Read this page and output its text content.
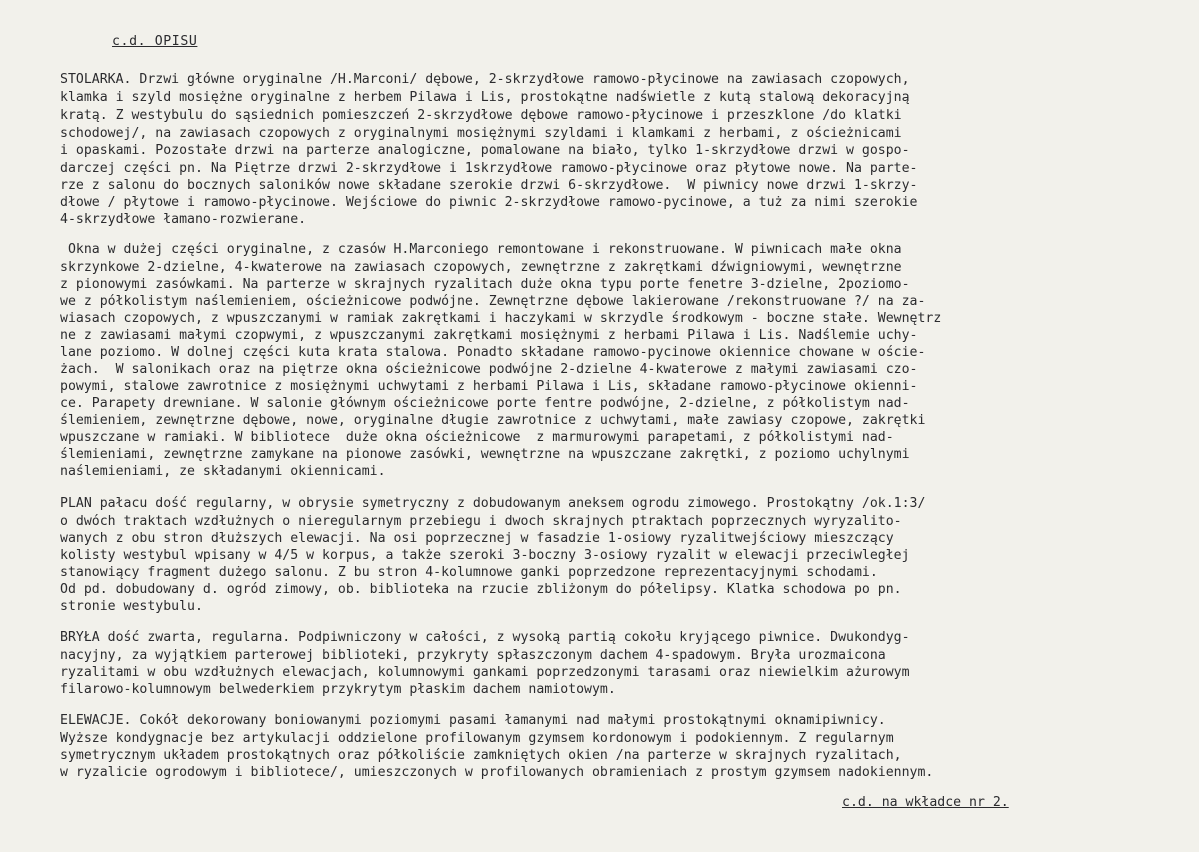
c.d. OPISU
STOLARKA. Drzwi główne oryginalne /H.Marconi/ dębowe, 2-skrzydłowe ramowo-płycinowe na zawiasach czopowych,
klamka i szyld mosiężne oryginalne z herbem Pilawa i Lis, prostokątne nadświetle z kutą stalową dekoracyjną
kratą. Z westybulu do sąsiednich pomieszczeń 2-skrzydłowe dębowe ramowo-płycinowe i przeszklone /do klatki
schodowej/, na zawiasach czopowych z oryginalnymi mosiężnymi szyldami i klamkami z herbami, z ościeżnicami
i opaskami. Pozostałe drzwi na parterze analogiczne, pomalowane na biało, tylko 1-skrzydłowe drzwi w gospo-
darczej części pn. Na Piętrze drzwi 2-skrzydłowe i 1skrzydłowe ramowo-płycinowe oraz płytowe nowe. Na parte-
rze z salonu do bocznych saloników nowe składane szerokie drzwi 6-skrzydłowe.  W piwnicy nowe drzwi 1-skrzy-
dłowe / płytowe i ramowo-płycinowe. Wejściowe do piwnic 2-skrzydłowe ramowo-pycinowe, a tuż za nimi szerokie
4-skrzydłowe łamano-rozwierane.
Okna w dużej części oryginalne, z czasów H.Marconiego remontowane i rekonstruowane. W piwnicach małe okna
skrzynkowe 2-dzielne, 4-kwaterowe na zawiasach czopowych, zewnętrzne z zakrętkami dźwigniowymi, wewnętrzne
z pionowymi zasówkami. Na parterze w skrajnych ryzalitach duże okna typu porte fenetre 3-dzielne, 2poziomo-
we z półkolistym naślemieniem, ościeżnicowe podwójne. Zewnętrzne dębowe lakierowane /rekonstruowane ?/ na za-
wiasach czopowych, z wpuszczanymi w ramiak zakrętkami i haczykami w skrzydle środkowym - boczne stałe. Wewnętrz
ne z zawiasami małymi czopwymi, z wpuszczanymi zakrętkami mosiężnymi z herbami Pilawa i Lis. Nadślemie uchy-
lane poziomo. W dolnej części kuta krata stalowa. Ponadto składane ramowo-pycinowe okiennice chowane w oście-
żach.  W salonikach oraz na piętrze okna ościeżnicowe podwójne 2-dzielne 4-kwaterowe z małymi zawiasami czo-
powymi, stalowe zawrotnice z mosiężnymi uchwytami z herbami Pilawa i Lis, składane ramowo-płycinowe okienni-
ce. Parapety drewniane. W salonie głównym ościeżnicowe porte fentre podwójne, 2-dzielne, z półkolistym nad-
ślemieniem, zewnętrzne dębowe, nowe, oryginalne długie zawrotnice z uchwytami, małe zawiasy czopowe, zakrętki
wpuszczane w ramiaki. W bibliotece  duże okna ościeżnicowe  z marmurowymi parapetami, z półkolistymi nad-
ślemieniami, zewnętrzne zamykane na pionowe zasówki, wewnętrzne na wpuszczane zakrętki, z poziomo uchylnymi
naślemieniami, ze składanymi okiennicami.
PLAN pałacu dość regularny, w obrysie symetryczny z dobudowanym aneksem ogrodu zimowego. Prostokątny /ok.1:3/
o dwóch traktach wzdłużnych o nieregularnym przebiegu i dwoch skrajnych ptraktach poprzecznych wyryzalito-
wanych z obu stron dłuższych elewacji. Na osi poprzecznej w fasadzie 1-osiowy ryzalitwejściowy mieszczący
kolisty westybul wpisany w 4/5 w korpus, a także szeroki 3-boczny 3-osiowy ryzalit w elewacji przeciwległej
stanowiący fragment dużego salonu. Z bu stron 4-kolumnowe ganki poprzedzone reprezentacyjnymi schodami.
Od pd. dobudowany d. ogród zimowy, ob. biblioteka na rzucie zbliżonym do półelipsy. Klatka schodowa po pn.
stronie westybulu.
BRYŁA dość zwarta, regularna. Podpiwniczony w całości, z wysoką partią cokołu kryjącego piwnice. Dwukondyg-
nacyjny, za wyjątkiem parterowej biblioteki, przykryty spłaszczonym dachem 4-spadowym. Bryła urozmaicona
ryzalitami w obu wzdłużnych elewacjach, kolumnowymi gankami poprzedzonymi tarasami oraz niewielkim ażurowym
filarowo-kolumnowym belwederkiem przykrytym płaskim dachem namiotowym.
ELEWACJE. Cokół dekorowany boniowanymi poziomymi pasami łamanymi nad małymi prostokątnymi oknamipiwnicy.
Wyższe kondygnacje bez artykulacji oddzielone profilowanym gzymsem kordonowym i podokiennym. Z regularnym
symetrycznym układem prostokątnych oraz półkoliście zamkniętych okien /na parterze w skrajnych ryzalitach,
w ryzalicie ogrodowym i bibliotece/, umieszczonych w profilowanych obramieniach z prostym gzymsem nadokiennym.
c.d. na wkładce nr 2.
